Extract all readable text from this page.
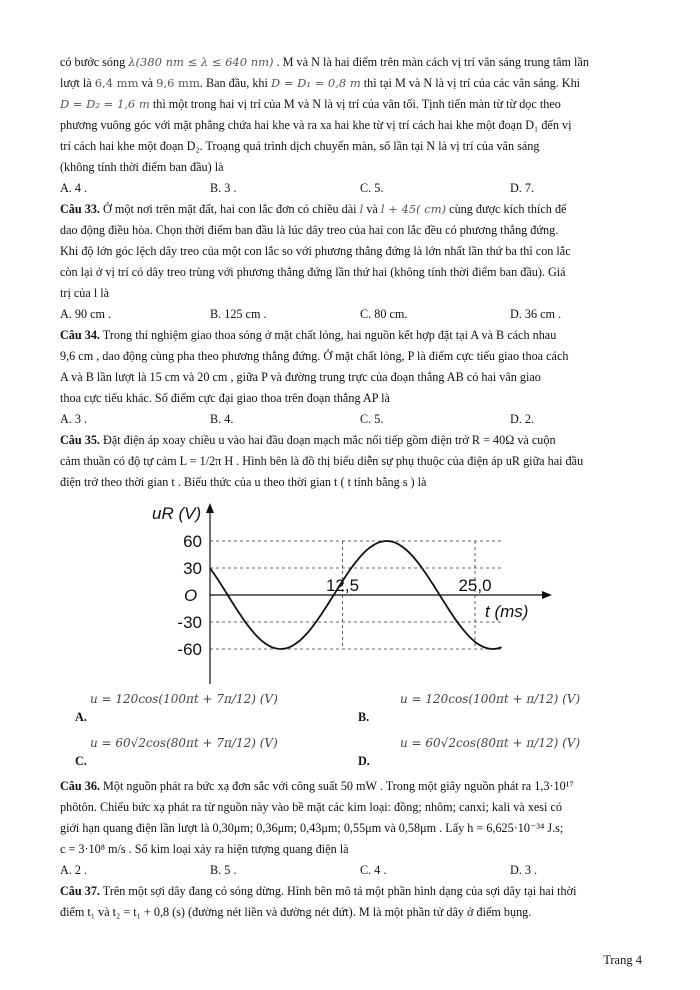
có bước sóng λ(380 nm ≤ λ ≤ 640 nm) . M và N là hai điểm trên màn cách vị trí vân sáng trung tâm lần

lượt là 6,4 mm và 9,6 mm. Ban đầu, khi D = D₁ = 0,8 m thì tại M và N là vị trí của các vân sáng. Khi

D = D₂ = 1,6 m thì một trong hai vị trí của M và N là vị trí của vân tối. Tịnh tiến màn từ từ dọc theo

phương vuông góc với mặt phẳng chứa hai khe và ra xa hai khe từ vị trí cách hai khe một đoạn D₁ đến vị

trí cách hai khe một đoạn D₂. Troạng quá trình dịch chuyển màn, số lần tại N là vị trí của vân sáng

(không tính thời điểm ban đầu) là

A. 4 .	B. 3 .	C. 5.	D. 7.

Câu 33. Ở một nơi trên mặt đất, hai con lắc đơn có chiều dài l và l + 45( cm) cùng được kích thích để

dao động điều hòa. Chọn thời điểm ban đầu là lúc dây treo của hai con lắc đều có phương thẳng đứng.

Khi độ lớn góc lệch dây treo của một con lắc so với phương thẳng đứng là lớn nhất lần thứ ba thì con lắc

còn lại ở vị trí có dây treo trùng với phương thẳng đứng lần thứ hai (không tính thời điểm ban đầu). Giá

trị của l là

A. 90 cm .	B. 125 cm .	C. 80 cm.	D. 36 cm .

Câu 34. Trong thí nghiệm giao thoa sóng ở mặt chất lỏng, hai nguồn kết hợp đặt tại A và B cách nhau

9,6 cm , dao động cùng pha theo phương thẳng đứng. Ở mặt chất lỏng, P là điểm cực tiểu giao thoa cách

A và B lần lượt là 15 cm và 20 cm , giữa P và đường trung trực của đoạn thẳng AB có hai vân giao

thoa cực tiểu khác. Số điểm cực đại giao thoa trên đoạn thẳng AP là

A. 3 .	B. 4.	C. 5.	D. 2.

Câu 35. Đặt điện áp xoay chiều u vào hai đầu đoạn mạch mắc nối tiếp gồm điện trở R = 40Ω và cuộn

cảm thuần có độ tự cảm L = 1/2π H . Hình bên là đồ thị biểu diễn sự phụ thuộc của điện áp uR giữa hai đầu

điện trở theo thời gian t . Biểu thức của u theo thời gian t ( t tính bằng s ) là

uR (V)
O
60
30
-30
-60
12,5	25,0
t (ms)
u = 120cos(100πt + 7π/12) (V)
A.
u = 120cos(100πt + π/12) (V)
B.
u = 60√2cos(80πt + 7π/12) (V)
C.
u = 60√2cos(80πt + π/12) (V)
D.

Câu 36. Một nguồn phát ra bức xạ đơn sắc với công suất 50 mW . Trong một giây nguồn phát ra 1,3·10¹⁷

phôtôn. Chiếu bức xạ phát ra từ nguồn này vào bề mặt các kim loại: đồng; nhôm; canxi; kali và xesi có

giới hạn quang điện lần lượt là 0,30μm; 0,36μm; 0,43μm; 0,55μm và 0,58μm . Lấy h = 6,625·10⁻³⁴ J.s;

c = 3·10⁸ m/s . Số kim loại xảy ra hiện tượng quang điện là

A. 2 .	B. 5 .	C. 4 .	D. 3 .

Câu 37. Trên một sợi dây đang có sóng dừng. Hình bên mô tả một phần hình dạng của sợi dây tại hai thời

điểm t₁ và t₂ = t₁ + 0,8 (s) (đường nét liền và đường nét đứt). M là một phần tử dây ở điểm bụng.

Trang 4
